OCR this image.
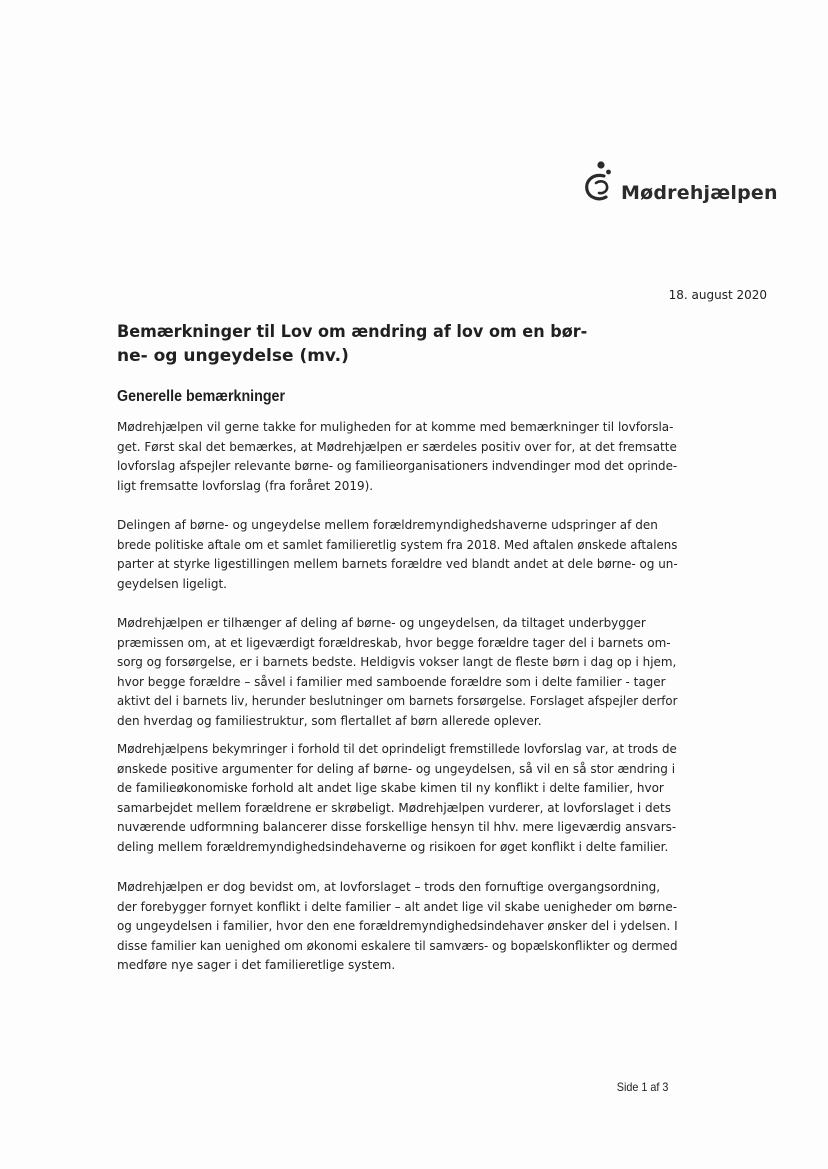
Mødrehjælpen
18. august 2020
Bemærkninger til Lov om ændring af lov om en bør-
ne- og ungeydelse (mv.)
Generelle bemærkninger

Mødrehjælpen vil gerne takke for muligheden for at komme med bemærkninger til lovforsla-
get. Først skal det bemærkes, at Mødrehjælpen er særdeles positiv over for, at det fremsatte
lovforslag afspejler relevante børne- og familieorganisationers indvendinger mod det oprinde-
ligt fremsatte lovforslag (fra foråret 2019).

Delingen af børne- og ungeydelse mellem forældremyndighedshaverne udspringer af den
brede politiske aftale om et samlet familieretlig system fra 2018. Med aftalen ønskede aftalens
parter at styrke ligestillingen mellem barnets forældre ved blandt andet at dele børne- og un-
geydelsen ligeligt.

Mødrehjælpen er tilhænger af deling af børne- og ungeydelsen, da tiltaget underbygger
præmissen om, at et ligeværdigt forældreskab, hvor begge forældre tager del i barnets om-
sorg og forsørgelse, er i barnets bedste. Heldigvis vokser langt de fleste børn i dag op i hjem,
hvor begge forældre – såvel i familier med samboende forældre som i delte familier - tager
aktivt del i barnets liv, herunder beslutninger om barnets forsørgelse. Forslaget afspejler derfor
den hverdag og familiestruktur, som flertallet af børn allerede oplever.

Mødrehjælpens bekymringer i forhold til det oprindeligt fremstillede lovforslag var, at trods de
ønskede positive argumenter for deling af børne- og ungeydelsen, så vil en så stor ændring i
de familieøkonomiske forhold alt andet lige skabe kimen til ny konflikt i delte familier, hvor
samarbejdet mellem forældrene er skrøbeligt. Mødrehjælpen vurderer, at lovforslaget i dets
nuværende udformning balancerer disse forskellige hensyn til hhv. mere ligeværdig ansvars-
deling mellem forældremyndighedsindehaverne og risikoen for øget konflikt i delte familier.

Mødrehjælpen er dog bevidst om, at lovforslaget – trods den fornuftige overgangsordning,
der forebygger fornyet konflikt i delte familier – alt andet lige vil skabe uenigheder om børne-
og ungeydelsen i familier, hvor den ene forældremyndighedsindehaver ønsker del i ydelsen. I
disse familier kan uenighed om økonomi eskalere til samværs- og bopælskonflikter og dermed
medføre nye sager i det familieretlige system.

Side 1 af 3
